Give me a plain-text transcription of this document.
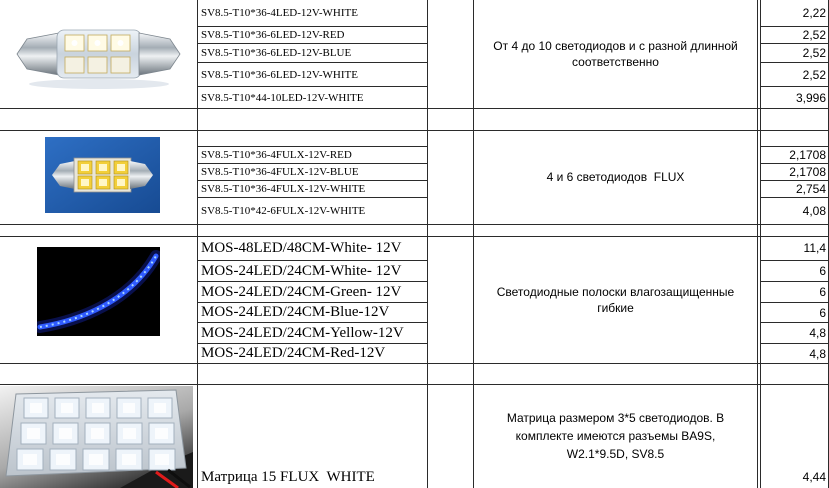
SV8.5-T10*36-4LED-12V-WHITE
SV8.5-T10*36-6LED-12V-RED
SV8.5-T10*36-6LED-12V-BLUE
SV8.5-T10*36-6LED-12V-WHITE
SV8.5-T10*44-10LED-12V-WHITE
От 4 до 10 светодиодов и с разной длинной
соответственно
2,22
2,52
2,52
2,52
3,996
SV8.5-T10*36-4FULX-12V-RED
SV8.5-T10*36-4FULX-12V-BLUE
SV8.5-T10*36-4FULX-12V-WHITE
SV8.5-T10*42-6FULX-12V-WHITE
4 и 6 светодиодов  FLUX
2,1708
2,1708
2,754
4,08
MOS-48LED/48CM-White- 12V
MOS-24LED/24CM-White- 12V
MOS-24LED/24CM-Green- 12V
MOS-24LED/24CM-Blue-12V
MOS-24LED/24CM-Yellow-12V
MOS-24LED/24CM-Red-12V
Светодиодные полоски влагозащищенные
гибкие
11,4
6
6
6
4,8
4,8
Матрица 15 FLUX  WHITE
Матрица размером 3*5 светодиодов. В
комплекте имеются разъемы BA9S,
W2.1*9.5D, SV8.5
4,44
